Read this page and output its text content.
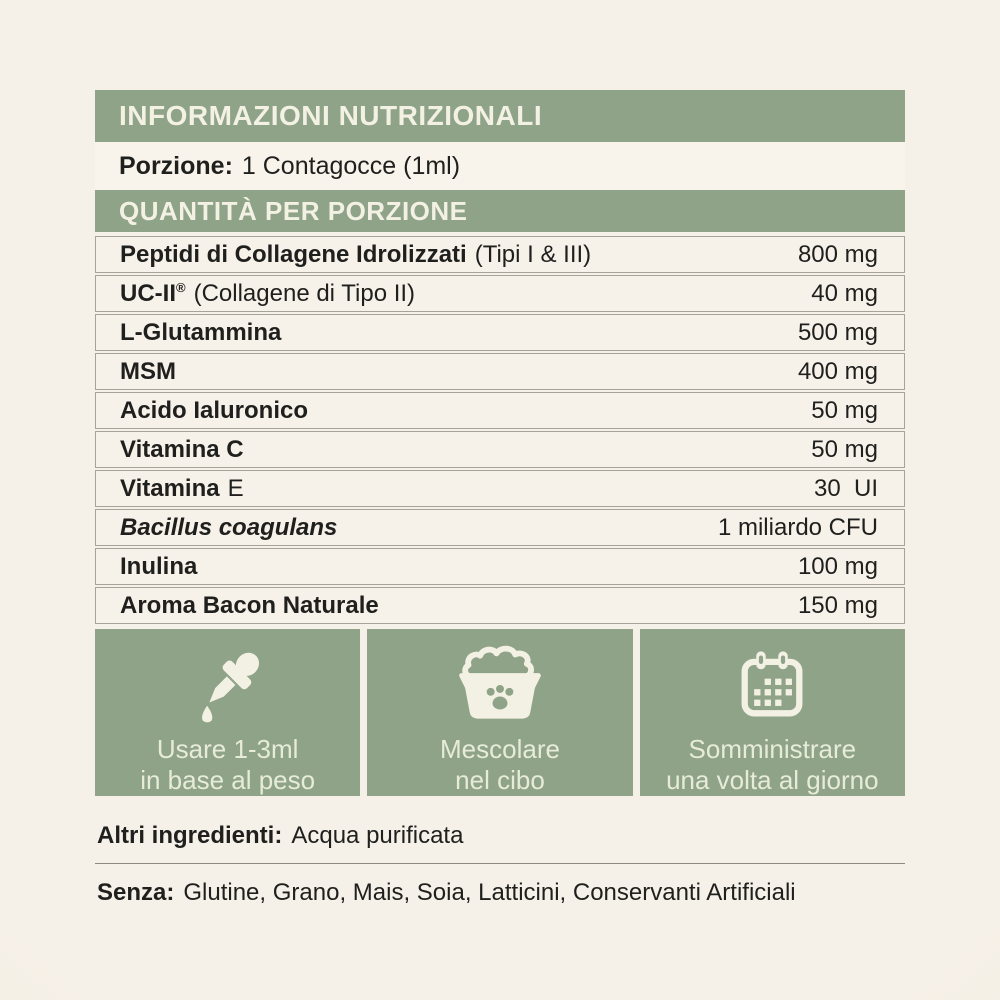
INFORMAZIONI NUTRIZIONALI
Porzione: 1 Contagocce (1ml)
QUANTITÀ PER PORZIONE
Peptidi di Collagene Idrolizzati (Tipi I & III)	800 mg
UC-II® (Collagene di Tipo II)	40 mg
L-Glutammina	500 mg
MSM	400 mg
Acido Ialuronico	50 mg
Vitamina C	50 mg
Vitamina E	30  UI
Bacillus coagulans	1 miliardo CFU
Inulina	100 mg
Aroma Bacon Naturale	150 mg
Usare 1-3ml
in base al peso
Mescolare
nel cibo
Somministrare
una volta al giorno
Altri ingredienti: Acqua purificata
Senza: Glutine, Grano, Mais, Soia, Latticini, Conservanti Artificiali
